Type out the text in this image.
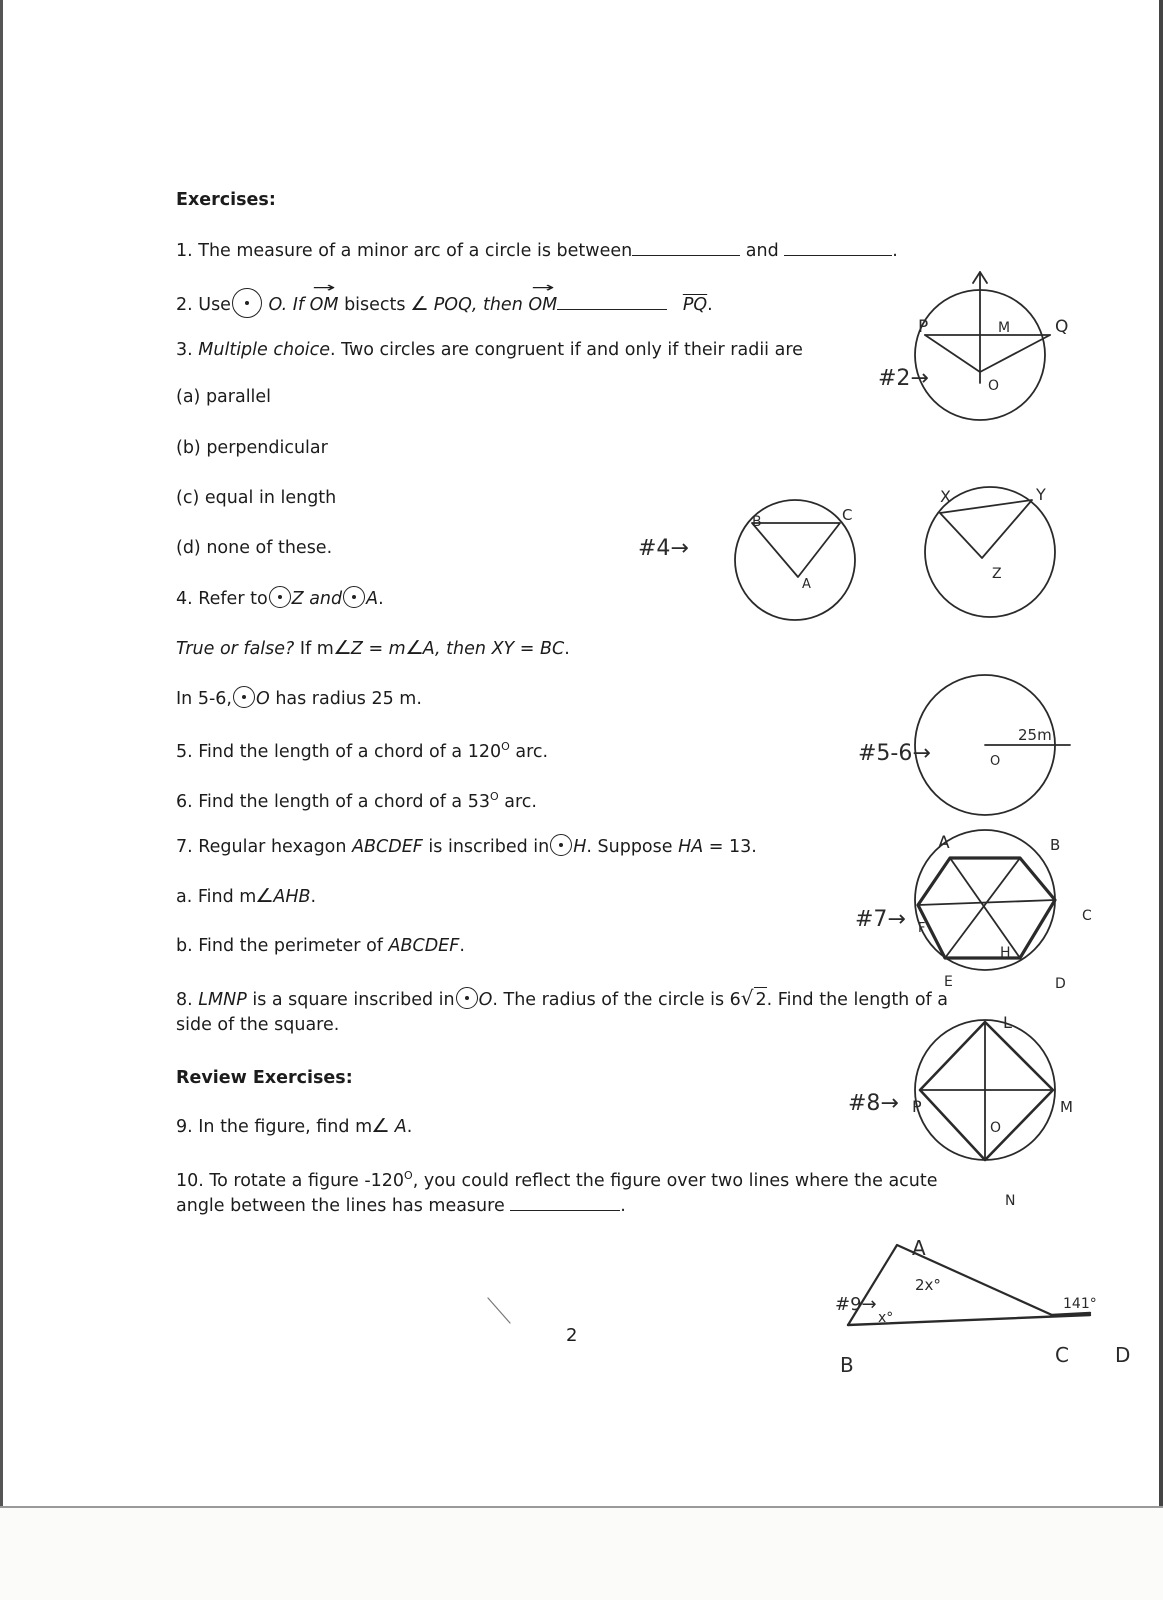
Exercises:
1. The measure of a minor arc of a circle is between	and	.
2. Use O. If → OM bisects ∠ POQ, then → OM	$\overline{PQ}$.
3. Multiple choice. Two circles are congruent if and only if their radii are
(a) parallel
(b) perpendicular
(c) equal in length
(d) none of these.
4. Refer to Z and A.
True or false? If m∠Z = m∠A, then XY = BC.
In 5-6, O has radius 25 m.
5. Find the length of a chord of a $120^O$ arc.
6. Find the length of a chord of a $53^O$ arc.
7. Regular hexagon ABCDEF is inscribed in H. Suppose HA = 13.
a. Find m∠AHB.
b. Find the perimeter of ABCDEF.
8. LMNP is a square inscribed in O. The radius of the circle is 6√ 2. Find the length of a
side of the square.
Review Exercises:
9. In the figure, find m∠ A.
10. To rotate a figure $-120^O$, you could reflect the figure over two lines where the acute
angle between the lines has measure	.
2
#2→
P	M	Q
O
#4→
B	C
A
X	Y
Z
#5-6→
25m
O
#7→
A	B
C
D
E
F
H
#8→ P
L
M
N
O
#9→
A
B	C D
2x°
x°
141°
